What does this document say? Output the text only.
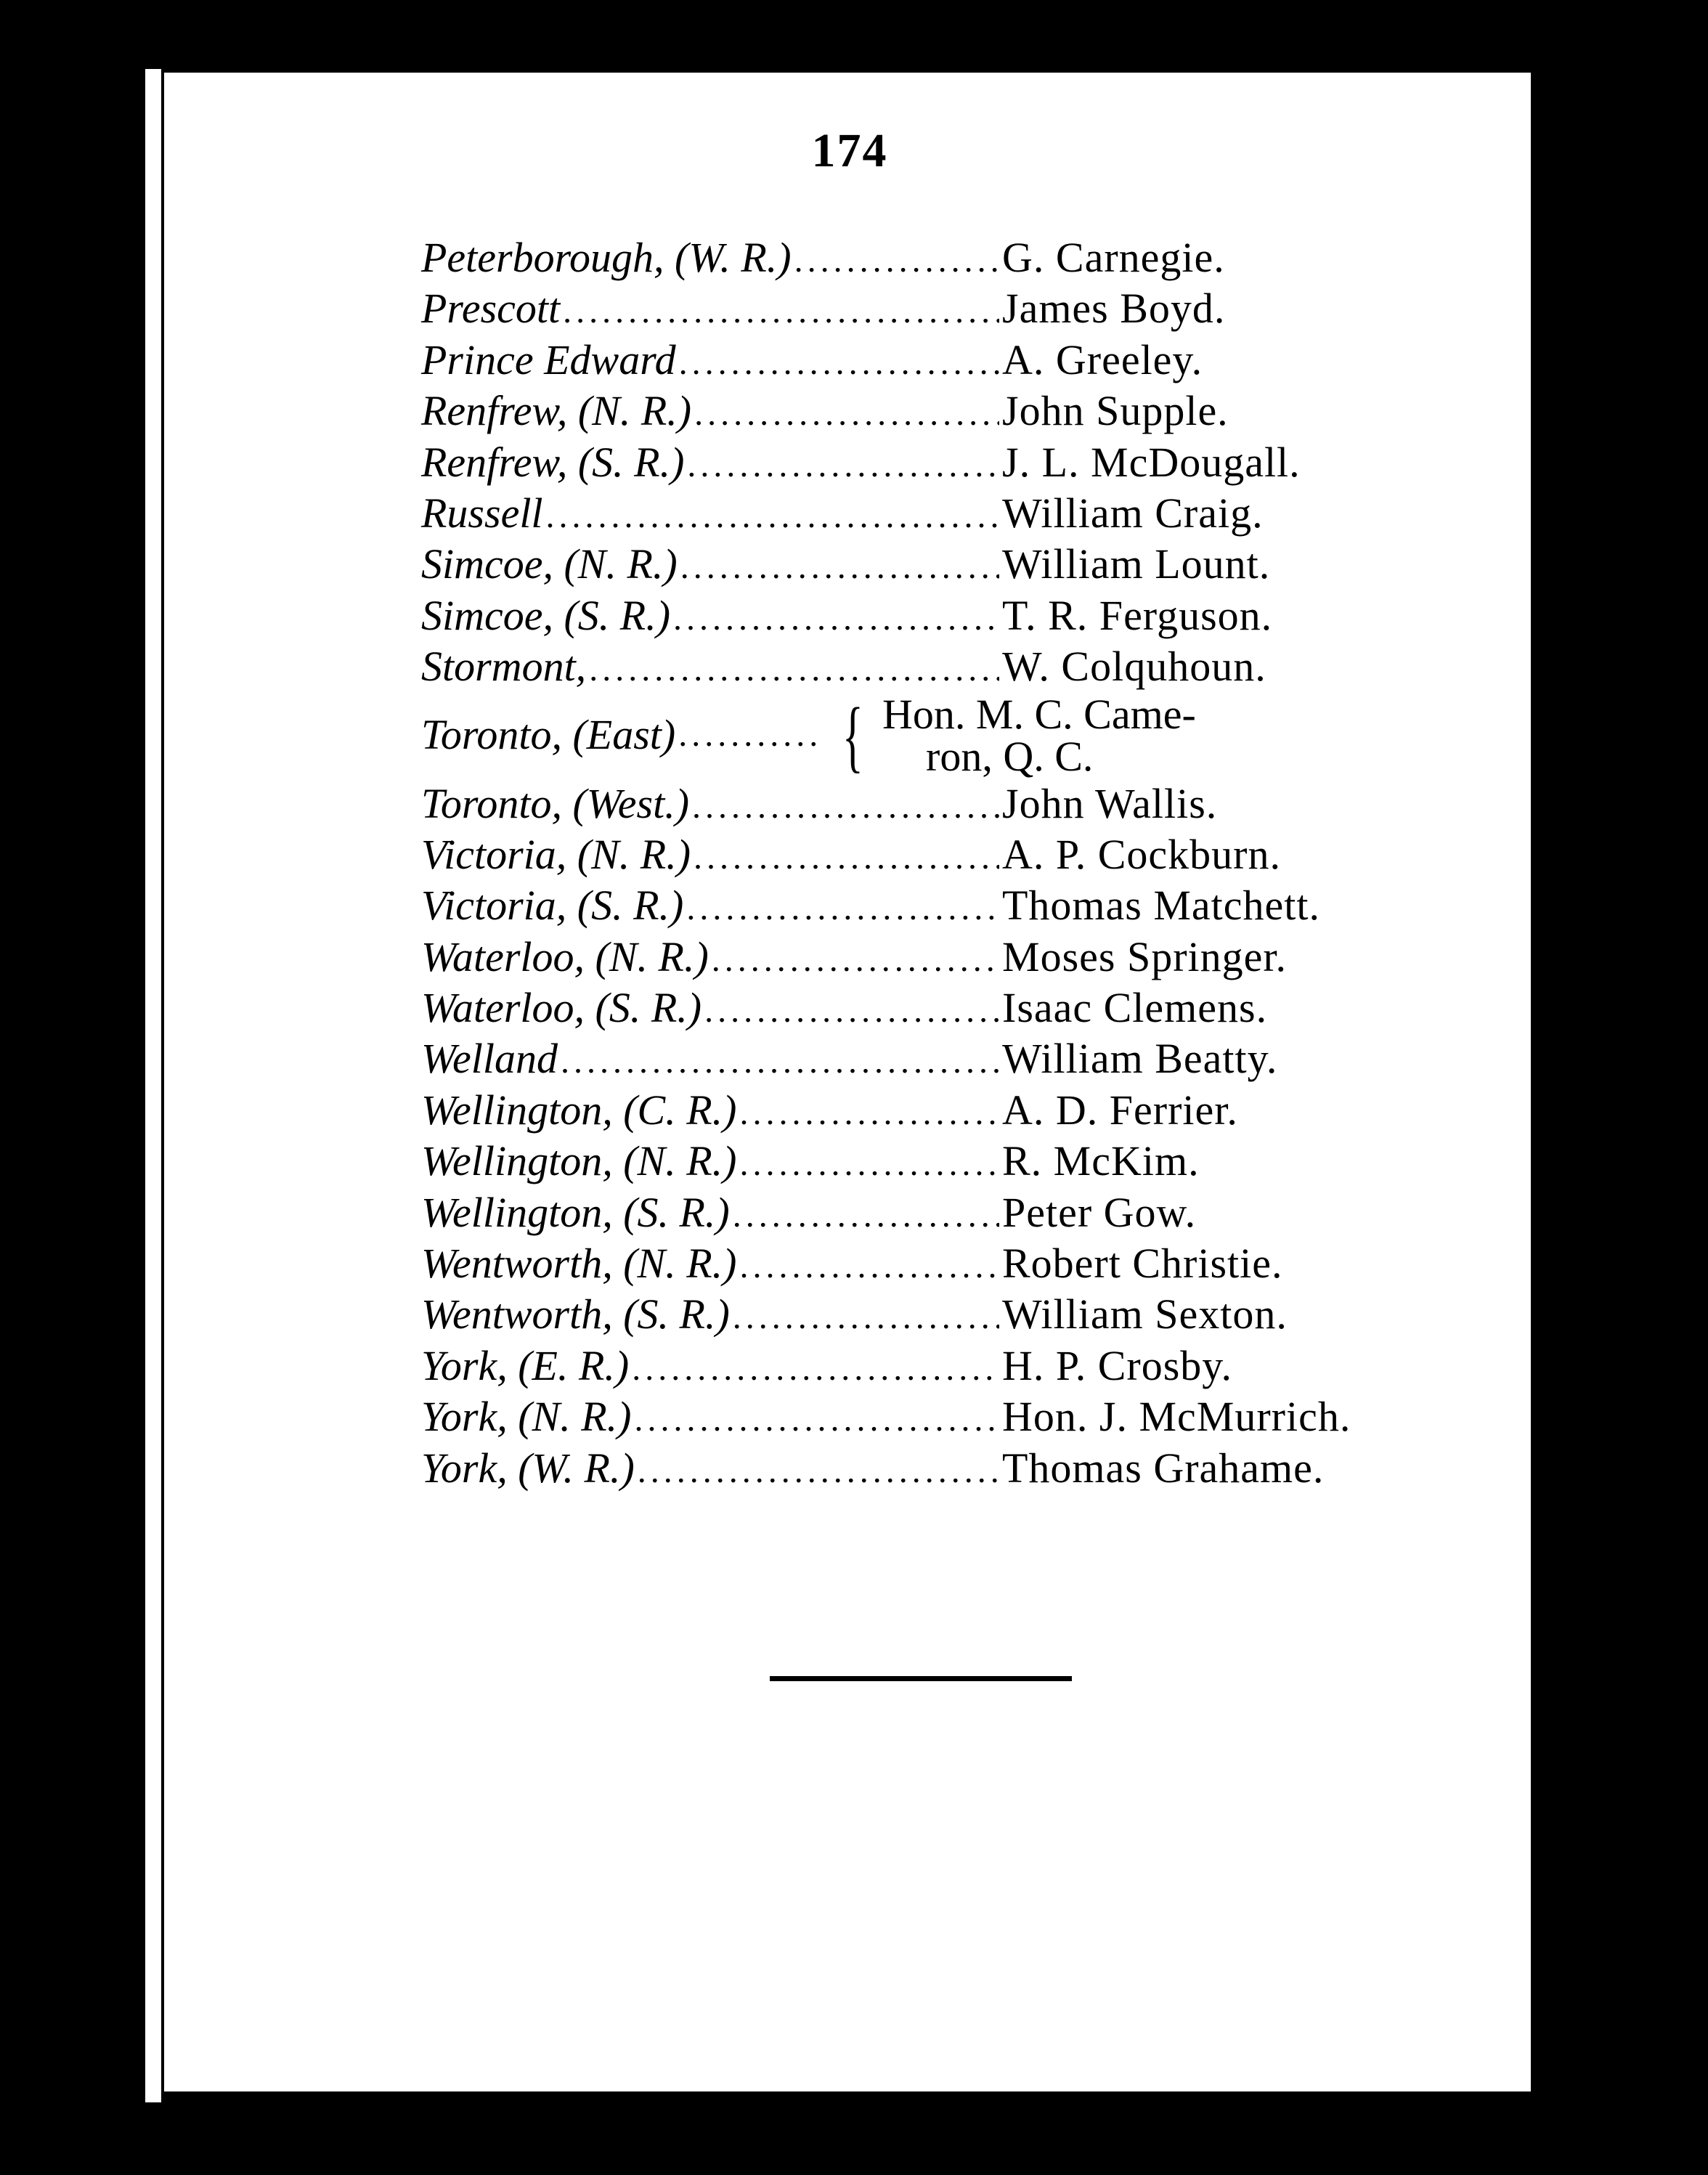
174
Peterborough, (W. R.) .....	G. Carnegie.
Prescott .....	James Boyd.
Prince Edward .....	A. Greeley.
Renfrew, (N. R.) .....	John Supple.
Renfrew, (S. R.) .....	J. L. McDougall.
Russell .....	William Craig.
Simcoe, (N. R.) .....	William Lount.
Simcoe, (S. R.) .....	T. R. Ferguson.
Stormont, .....	W. Colquhoun.
Toronto, (East) ..... { Hon. M. C. Came-
ron, Q. C.
Toronto, (West.) .....	John Wallis.
Victoria, (N. R.) .....	A. P. Cockburn.
Victoria, (S. R.) .....	Thomas Matchett.
Waterloo, (N. R.) .....	Moses Springer.
Waterloo, (S. R.) .....	Isaac Clemens.
Welland .....	William Beatty.
Wellington, (C. R.) .....	A. D. Ferrier.
Wellington, (N. R.) .....	R. McKim.
Wellington, (S. R.) .....	Peter Gow.
Wentworth, (N. R.) .....	Robert Christie.
Wentworth, (S. R.) .....	William Sexton.
York, (E. R.) .....	H. P. Crosby.
York, (N. R.) .....	Hon. J. McMurrich.
York, (W. R.) .....	Thomas Grahame.
